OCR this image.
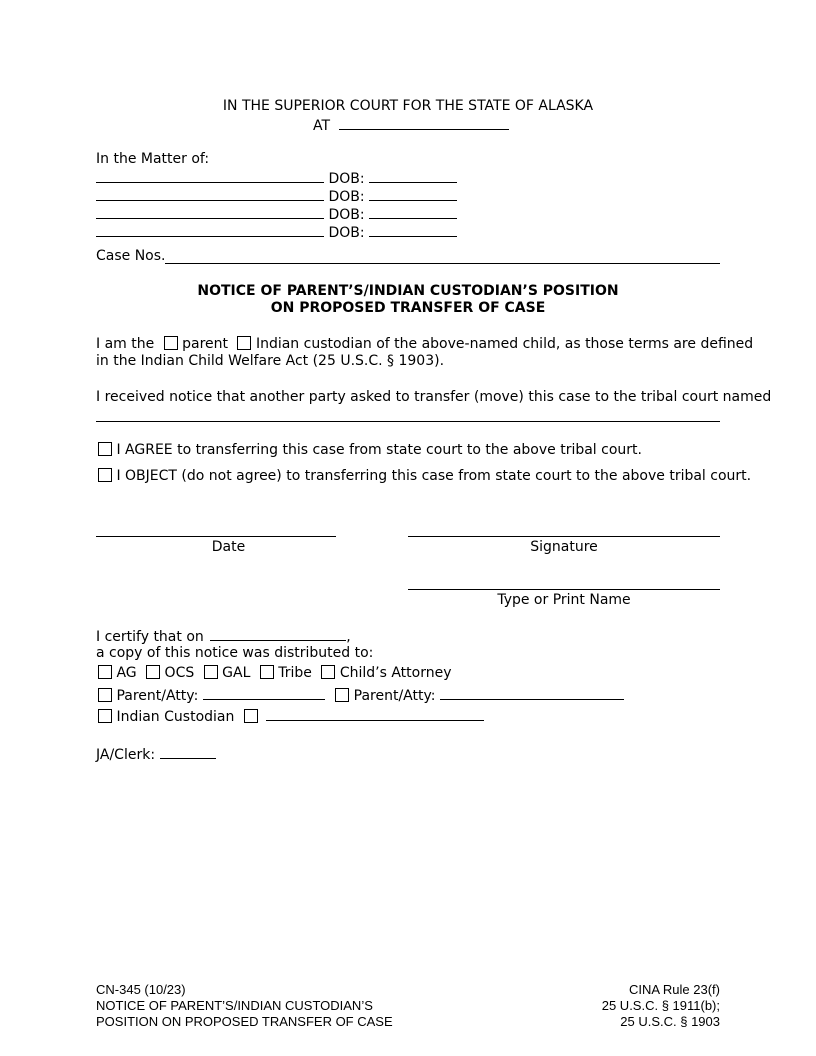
IN THE SUPERIOR COURT FOR THE STATE OF ALASKA
AT
In the Matter of:
DOB:
DOB:
DOB:
DOB:
Case Nos.
NOTICE OF PARENT’S/INDIAN CUSTODIAN’S POSITION
ON PROPOSED TRANSFER OF CASE
I am the parent Indian custodian of the above-named child, as those terms are defined
in the Indian Child Welfare Act (25 U.S.C. § 1903).
I received notice that another party asked to transfer (move) this case to the tribal court named
I AGREE to transferring this case from state court to the above tribal court.
I OBJECT (do not agree) to transferring this case from state court to the above tribal court.
Date	Signature
Type or Print Name
I certify that on	,
a copy of this notice was distributed to:
AG OCS GAL Tribe Child’s Attorney
Parent/Atty:	Parent/Atty:
Indian Custodian
JA/Clerk:
CN-345 (10/23)
NOTICE OF PARENT’S/INDIAN CUSTODIAN’S
POSITION ON PROPOSED TRANSFER OF CASE
CINA Rule 23(f)
25 U.S.C. § 1911(b);
25 U.S.C. § 1903
